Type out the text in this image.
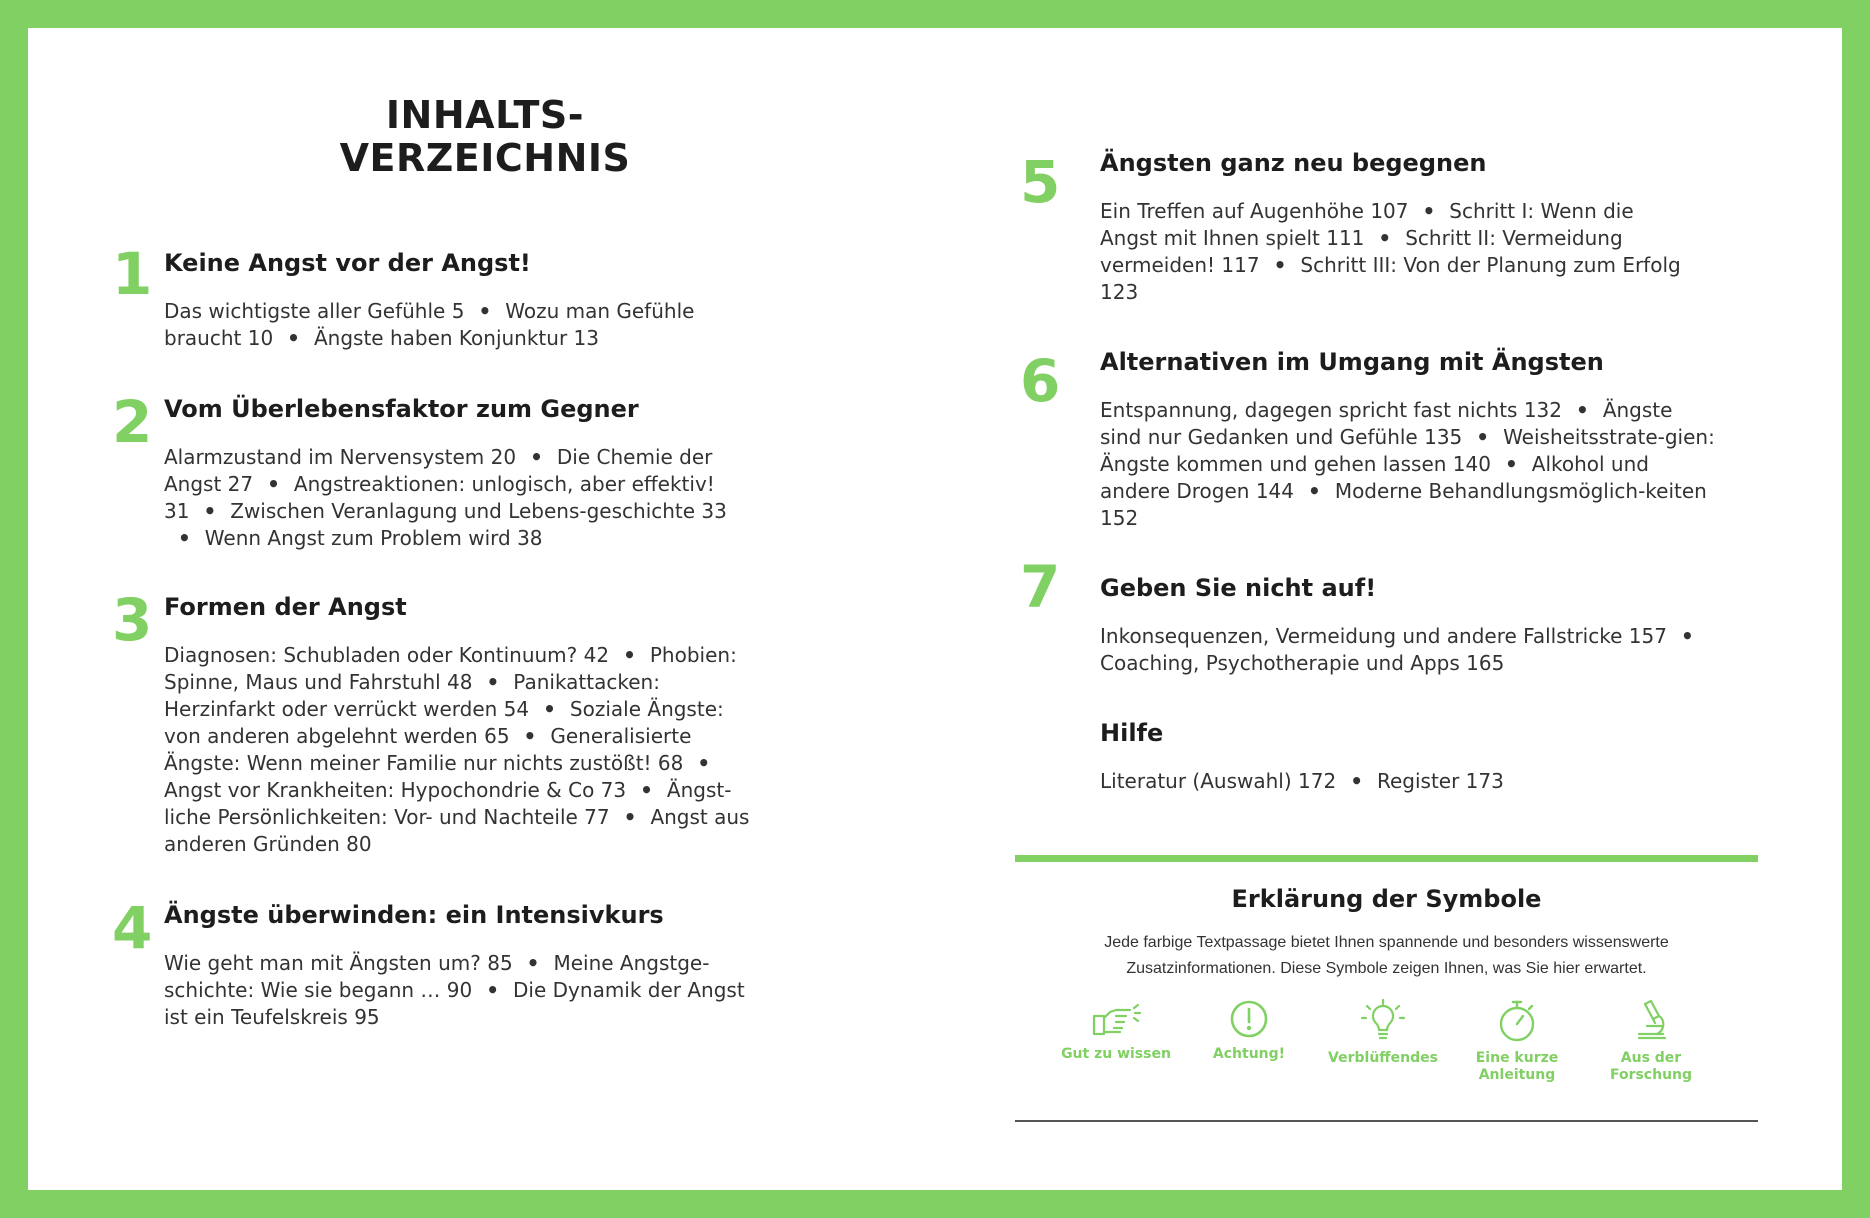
INHALTS-
VERZEICHNIS
1 Keine Angst vor der Angst!
Das wichtigste aller Gefühle 5 • Wozu man Gefühle braucht 10 • Ängste haben Konjunktur 13
2 Vom Überlebensfaktor zum Gegner
Alarmzustand im Nervensystem 20 • Die Chemie der Angst 27 • Angstreaktionen: unlogisch, aber effektiv! 31 • Zwischen Veranlagung und Lebens-geschichte 33• Wenn Angst zum Problem wird 38
3 Formen der Angst
Diagnosen: Schubladen oder Kontinuum? 42 • Phobien: Spinne, Maus und Fahrstuhl 48 • Panikattacken: Herzinfarkt oder verrückt werden 54 • Soziale Ängste: von anderen abgelehnt werden 65 • Generalisierte Ängste: Wenn meiner Familie nur nichts zustößt! 68 •Angst vor Krankheiten: Hypochondrie & Co 73 • Ängst-liche Persönlichkeiten: Vor- und Nachteile 77 • Angst aus anderen Gründen 80
4 Ängste überwinden: ein Intensivkurs
Wie geht man mit Ängsten um? 85 • Meine Angstge-schichte: Wie sie begann … 90 • Die Dynamik der Angst ist ein Teufelskreis 95
5 Ängsten ganz neu begegnen
Ein Treffen auf Augenhöhe 107 • Schritt I: Wenn die Angst mit Ihnen spielt 111 • Schritt II: Vermeidung vermeiden! 117 • Schritt III: Von der Planung zum Erfolg 123
6 Alternativen im Umgang mit Ängsten
Entspannung, dagegen spricht fast nichts 132 • Ängste sind nur Gedanken und Gefühle 135 • Weisheitsstrate-gien: Ängste kommen und gehen lassen 140 • Alkohol und andere Drogen 144 • Moderne Behandlungsmöglich-keiten 152
7 Geben Sie nicht auf!
Inkonsequenzen, Vermeidung und andere Fallstricke 157 •Coaching, Psychotherapie und Apps 165
Hilfe
Literatur (Auswahl) 172 • Register 173
Erklärung der Symbole
Jede farbige Textpassage bietet Ihnen spannende und besonders wissenswerte Zusatzinformationen. Diese Symbole zeigen Ihnen, was Sie hier erwartet.
Gut zu wissen	Achtung!	Verblüffendes	Eine kurze
Anleitung
Aus der
Forschung
